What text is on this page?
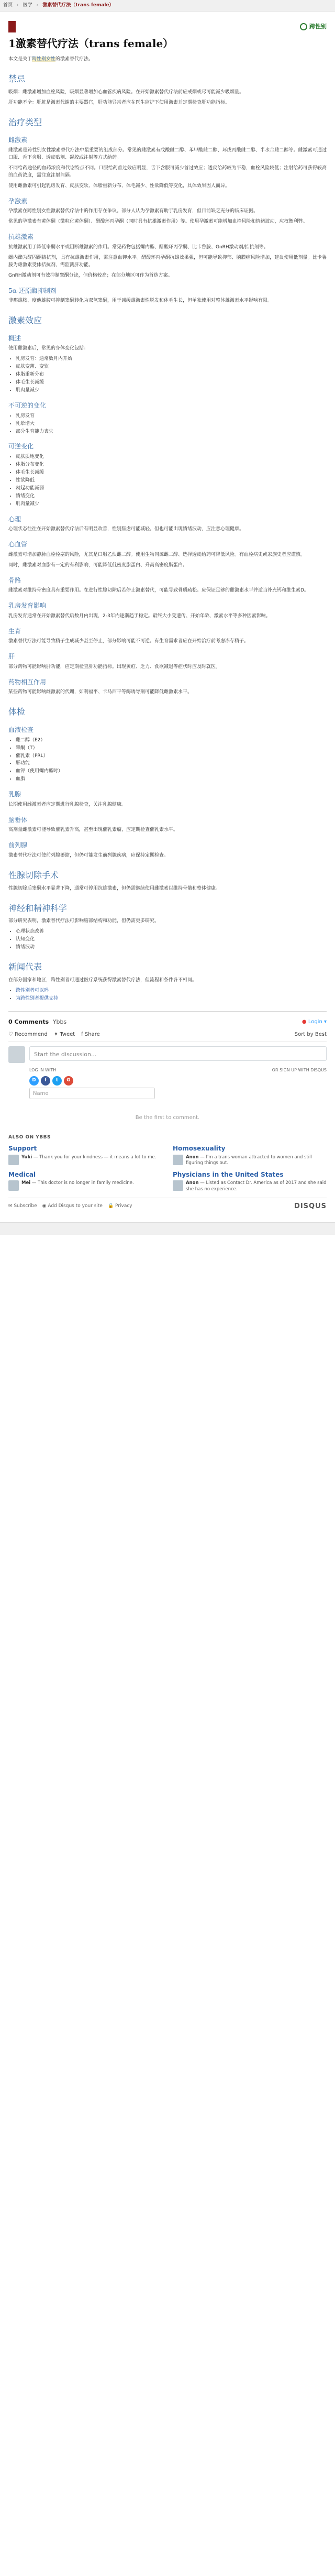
首页 › 医学 › 激素替代疗法（trans female）
跨性别
1激素替代疗法（trans female）
本文是关于跨性别女性的激素替代疗法。
禁忌

吸烟：雌激素增加血栓风险，吸烟显著增加心血管疾病风险。在开始激素替代疗法前应戒烟或尽可能减少吸烟量。

肝功能不全：肝脏是激素代谢的主要器官，肝功能异常者应在医生监护下使用激素并定期检查肝功能指标。

治疗类型
雌激素

雌激素是跨性别女性激素替代疗法中最重要的组成部分。常见的雌激素有戊酸雌二醇、苯甲酸雌二醇、环戊丙酸雌二醇、半水合雌二醇等。雌激素可通过口服、舌下含服、透皮贴剂、凝胶或注射等方式给药。

不同给药途径的血药浓度和代谢特点不同。口服给药首过效应明显，舌下含服可减少首过效应；透皮给药较为平稳，血栓风险较低；注射给药可获得较高的血药浓度，需注意注射间隔。

使用雌激素可引起乳房发育、皮肤变软、体脂重新分布、体毛减少、性欲降低等变化，具体效果因人而异。

孕激素

孕激素在跨性别女性激素替代疗法中的作用存在争议。部分人认为孕激素有助于乳房发育，但目前缺乏充分的临床证据。

常见的孕激素有黄体酮（微粒化黄体酮）、醋酸环丙孕酮（同时具有抗雄激素作用）等。使用孕激素可能增加血栓风险和情绪波动，应权衡利弊。

抗雄激素

抗雄激素用于降低睾酮水平或阻断雄激素的作用。常见药物包括螺内酯、醋酸环丙孕酮、比卡鲁胺、GnRH激动剂/拮抗剂等。

螺内酯为醛固酮拮抗剂，具有抗雄激素作用，需注意血钾水平。醋酸环丙孕酮抗雄效果强，但可能导致抑郁、脑膜瘤风险增加，建议使用低剂量。比卡鲁胺为雄激素受体拮抗剂，需监测肝功能。

GnRH激动剂可有效抑制睾酮分泌，但价格较高；在部分地区可作为首选方案。

5α-还原酶抑制剂

非那雄胺、度他雄胺可抑制睾酮转化为双氢睾酮，用于减缓雄激素性脱发和体毛生长，但单独使用对整体雄激素水平影响有限。

激素效应
概述

使用雌激素后，常见的身体变化包括：

• 乳房发育：通常数月内开始
• 皮肤变薄、变软
• 体脂重新分布
• 体毛生长减缓
• 肌肉量减少
不可逆的变化
• 乳房发育
• 乳晕增大
• 部分生育能力丧失
可逆变化
• 皮肤质地变化
• 体脂分布变化
• 体毛生长减缓
• 性欲降低
• 勃起功能减弱
• 情绪变化
• 肌肉量减少
心理

心理状态往往在开始激素替代疗法后有明显改善，性别焦虑可能减轻。但也可能出现情绪波动，应注意心理健康。

心血管

雌激素可增加静脉血栓栓塞的风险，尤其是口服乙炔雌二醇。使用生物同源雌二醇、选择透皮给药可降低风险。有血栓病史或家族史者应谨慎。

同时，雌激素对血脂有一定的有利影响，可能降低低密度脂蛋白、升高高密度脂蛋白。

骨骼

雌激素对维持骨密度具有重要作用。在进行性腺切除后若停止激素替代，可能导致骨质疏松。应保证足够的雌激素水平并适当补充钙和维生素D。

乳房发育影响

乳房发育通常在开始激素替代后数月内出现，2-3年内逐渐趋于稳定。最终大小受遗传、开始年龄、激素水平等多种因素影响。

生育

激素替代疗法可能导致精子生成减少甚至停止，部分影响可能不可逆。有生育需求者应在开始治疗前考虑冻存精子。

肝

部分药物可能影响肝功能，应定期检查肝功能指标。出现黄疸、乏力、食欲减退等症状时应及时就医。

药物相互作用

某些药物可能影响雌激素的代谢，如利福平、卡马西平等酶诱导剂可能降低雌激素水平。

体检
血液检查
• 雌二醇（E2）
• 睾酮（T）
• 催乳素（PRL）
• 肝功能
• 血钾（使用螺内酯时）
• 血脂
乳腺

长期使用雌激素者应定期进行乳腺检查，关注乳腺健康。

脑垂体

高剂量雌激素可能导致催乳素升高，甚至出现催乳素瘤，应定期检查催乳素水平。

前列腺

激素替代疗法可使前列腺萎缩，但仍可能发生前列腺疾病，应保持定期检查。

性腺切除手术

性腺切除后睾酮水平显著下降，通常可停用抗雄激素，但仍需继续使用雌激素以维持骨骼和整体健康。

神经和精神科学

部分研究表明，激素替代疗法可影响脑部结构和功能，但仍需更多研究。

• 心理状态改善
• 认知变化
• 情绪波动
新闻代表

在部分国家和地区，跨性别者可通过医疗系统获得激素替代疗法，但流程和条件各不相同。

• 跨性别者可以吗
• 为跨性别者提供支持
0 Comments Ybbs	● Login ▾
♡ Recommend ✦ Tweet f Share	Sort by Best
Start the discussion...
LOG IN WITH	OR SIGN UP WITH DISQUS
D	f	t	G
Name
Be the first to comment.
ALSO ON YBBS
Support
Yuki — Thank you for your kindness — it means a lot to me.
Homosexuality
Anon — I'm a trans woman attracted to women and still figuring things out.
Medical
Mei — This doctor is no longer in family medicine.
Physicians in the United States
Anon — Listed as Contact Dr. America as of 2017 and she said she has no experience.
✉ Subscribe ◉ Add Disqus to your site 🔒 Privacy	DISQUS
